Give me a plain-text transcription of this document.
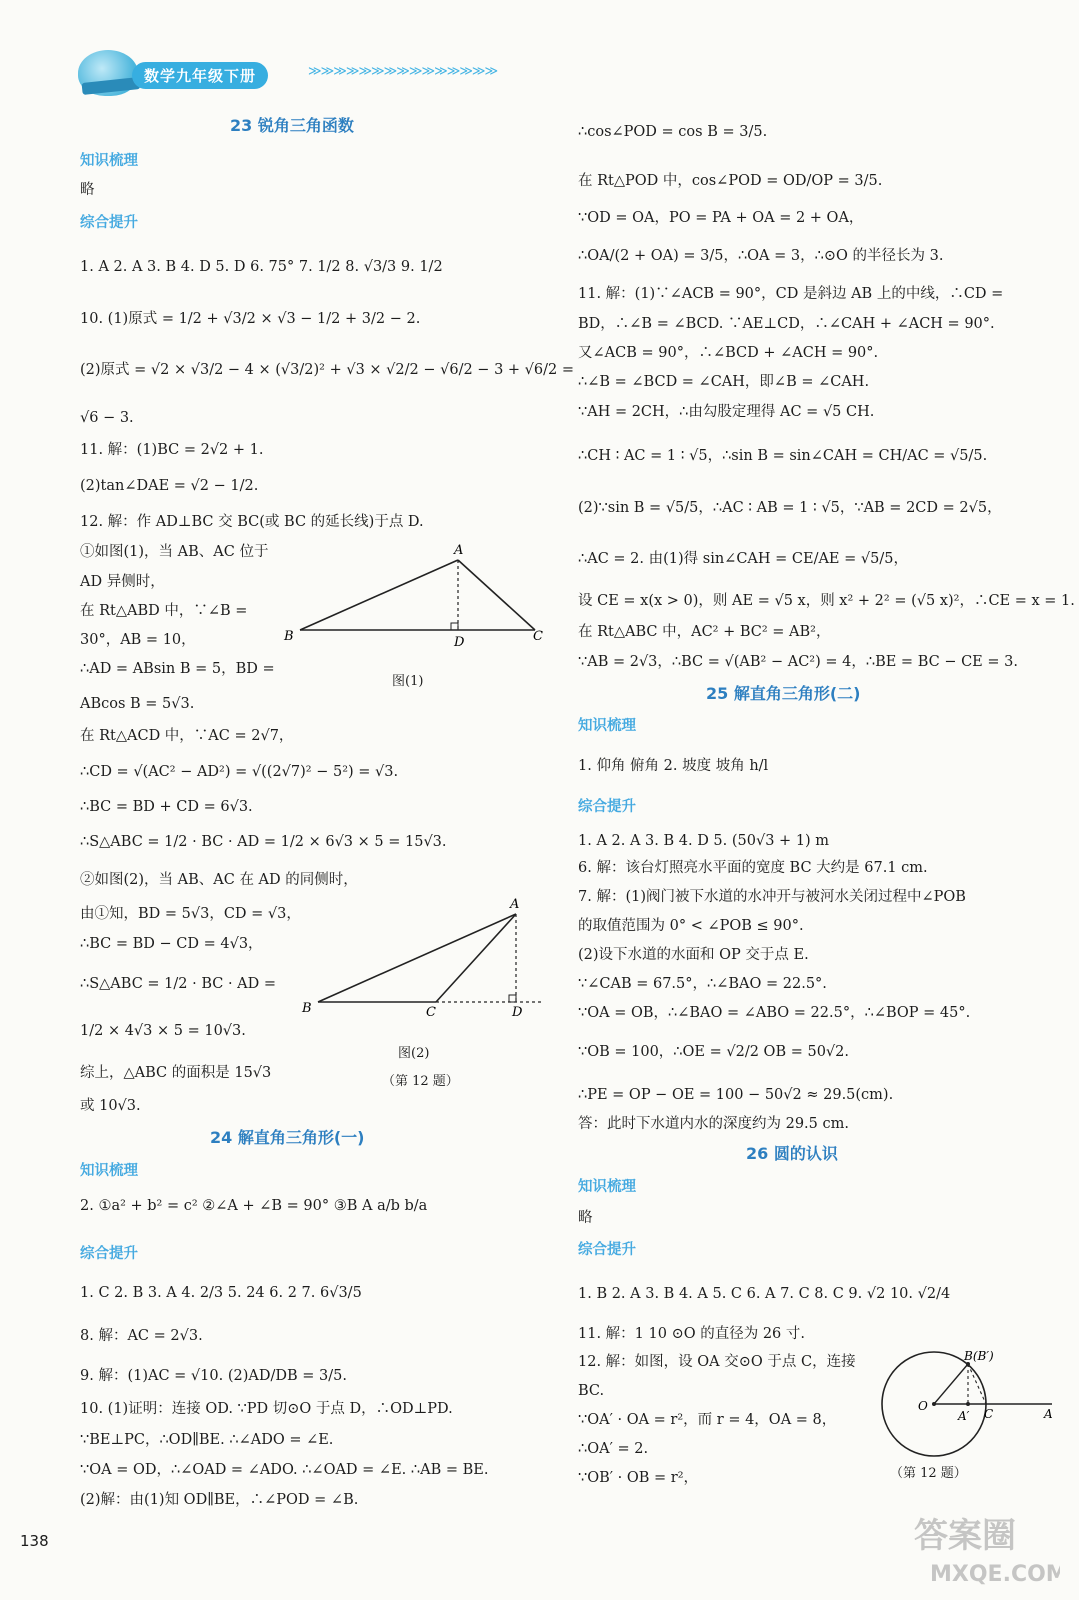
数学九年级下册	≫≫≫≫≫≫≫≫≫≫≫≫≫≫≫
23 锐角三角函数
知识梳理
略
综合提升
1. A 2. A 3. B 4. D 5. D 6. 75° 7. 1/2 8. √3/3 9. 1/2
10. (1)原式 = 1/2 + √3/2 × √3 − 1/2 + 3/2 − 2.
(2)原式 = √2 × √3/2 − 4 × (√3/2)² + √3 × √2/2 − √6/2 − 3 + √6/2 =
√6 − 3.
11. 解：(1)BC = 2√2 + 1.
(2)tan∠DAE = √2 − 1/2.
12. 解：作 AD⊥BC 交 BC(或 BC 的延长线)于点 D.
①如图(1)，当 AB、AC 位于
AD 异侧时，
在 Rt△ABD 中，∵∠B =
30°，AB = 10，
∴AD = ABsin B = 5，BD =
ABcos B = 5√3.
在 Rt△ACD 中，∵AC = 2√7，
∴CD = √(AC² − AD²) = √((2√7)² − 5²) = √3.
∴BC = BD + CD = 6√3.
∴S△ABC = 1/2 · BC · AD = 1/2 × 6√3 × 5 = 15√3.
②如图(2)，当 AB、AC 在 AD 的同侧时，
由①知，BD = 5√3，CD = √3，
∴BC = BD − CD = 4√3，
∴S△ABC = 1/2 · BC · AD =
1/2 × 4√3 × 5 = 10√3.
综上，△ABC 的面积是 15√3
或 10√3.
24 解直角三角形(一)
知识梳理
2. ①a² + b² = c² ②∠A + ∠B = 90° ③B A a/b b/a
综合提升
1. C 2. B 3. A 4. 2/3 5. 24 6. 2 7. 6√3/5
8. 解：AC = 2√3.
9. 解：(1)AC = √10. (2)AD/DB = 3/5.
10. (1)证明：连接 OD. ∵PD 切⊙O 于点 D，∴OD⊥PD.
∵BE⊥PC，∴OD∥BE. ∴∠ADO = ∠E.
∵OA = OD，∴∠OAD = ∠ADO. ∴∠OAD = ∠E. ∴AB = BE.
(2)解：由(1)知 OD∥BE，∴∠POD = ∠B.
∴cos∠POD = cos B = 3/5.
在 Rt△POD 中，cos∠POD = OD/OP = 3/5.
∵OD = OA，PO = PA + OA = 2 + OA，
∴OA/(2 + OA) = 3/5，∴OA = 3，∴⊙O 的半径长为 3.
11. 解：(1)∵∠ACB = 90°，CD 是斜边 AB 上的中线，∴CD =
BD，∴∠B = ∠BCD. ∵AE⊥CD，∴∠CAH + ∠ACH = 90°.
又∠ACB = 90°，∴∠BCD + ∠ACH = 90°.
∴∠B = ∠BCD = ∠CAH，即∠B = ∠CAH.
∵AH = 2CH，∴由勾股定理得 AC = √5 CH.
∴CH ∶ AC = 1 ∶ √5，∴sin B = sin∠CAH = CH/AC = √5/5.
(2)∵sin B = √5/5，∴AC ∶ AB = 1 ∶ √5，∵AB = 2CD = 2√5，
∴AC = 2. 由(1)得 sin∠CAH = CE/AE = √5/5，
设 CE = x(x > 0)，则 AE = √5 x，则 x² + 2² = (√5 x)²，∴CE = x = 1.
在 Rt△ABC 中，AC² + BC² = AB²，
∵AB = 2√3，∴BC = √(AB² − AC²) = 4，∴BE = BC − CE = 3.
25 解直角三角形(二)
知识梳理
1. 仰角 俯角 2. 坡度 坡角 h/l
综合提升
1. A 2. A 3. B 4. D 5. (50√3 + 1) m
6. 解：该台灯照亮水平面的宽度 BC 大约是 67.1 cm.
7. 解：(1)阀门被下水道的水冲开与被河水关闭过程中∠POB
的取值范围为 0° < ∠POB ≤ 90°.
(2)设下水道的水面和 OP 交于点 E.
∵∠CAB = 67.5°，∴∠BAO = 22.5°.
∵OA = OB，∴∠BAO = ∠ABO = 22.5°，∴∠BOP = 45°.
∵OB = 100，∴OE = √2/2 OB = 50√2.
∴PE = OP − OE = 100 − 50√2 ≈ 29.5(cm).
答：此时下水道内水的深度约为 29.5 cm.
26 圆的认识
知识梳理
略
综合提升
1. B 2. A 3. B 4. A 5. C 6. A 7. C 8. C 9. √2 10. √2/4
11. 解：1 10 ⊙O 的直径为 26 寸.
12. 解：如图，设 OA 交⊙O 于点 C，连接
BC.
∵OA′ · OA = r²，而 r = 4，OA = 8，
∴OA′ = 2.
∵OB′ · OB = r²，
A
B	C
D
图(1)
A
B	C	D
图(2)
（第 12 题）
B(B′)
O
A′ C	A
（第 12 题）
138	答案圈
MXQE.COM
